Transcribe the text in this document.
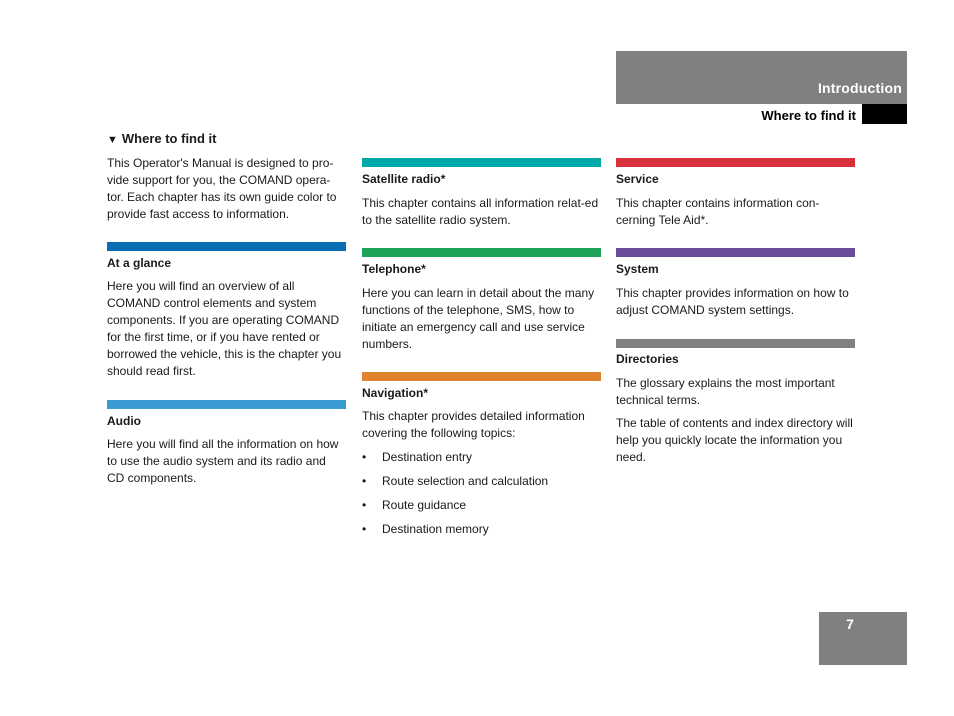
Introduction
Where to find it
▼ Where to find it

This Operator's Manual is designed to pro-vide support for you, the COMAND opera-tor. Each chapter has its own guide color to provide fast access to information.

At a glance

Here you will find an overview of all COMAND control elements and system components. If you are operating COMAND for the first time, or if you have rented or borrowed the vehicle, this is the chapter you should read first.

Audio

Here you will find all the information on how to use the audio system and its radio and CD components.

Satellite radio*

This chapter contains all information relat-ed to the satellite radio system.

Telephone*

Here you can learn in detail about the many functions of the telephone, SMS, how to initiate an emergency call and use service numbers.

Navigation*

This chapter provides detailed information covering the following topics:

• Destination entry
• Route selection and calculation
• Route guidance
• Destination memory
Service

This chapter contains information con-cerning Tele Aid*.

System

This chapter provides information on how to adjust COMAND system settings.

Directories

The glossary explains the most important technical terms.

The table of contents and index directory will help you quickly locate the information you need.

7
